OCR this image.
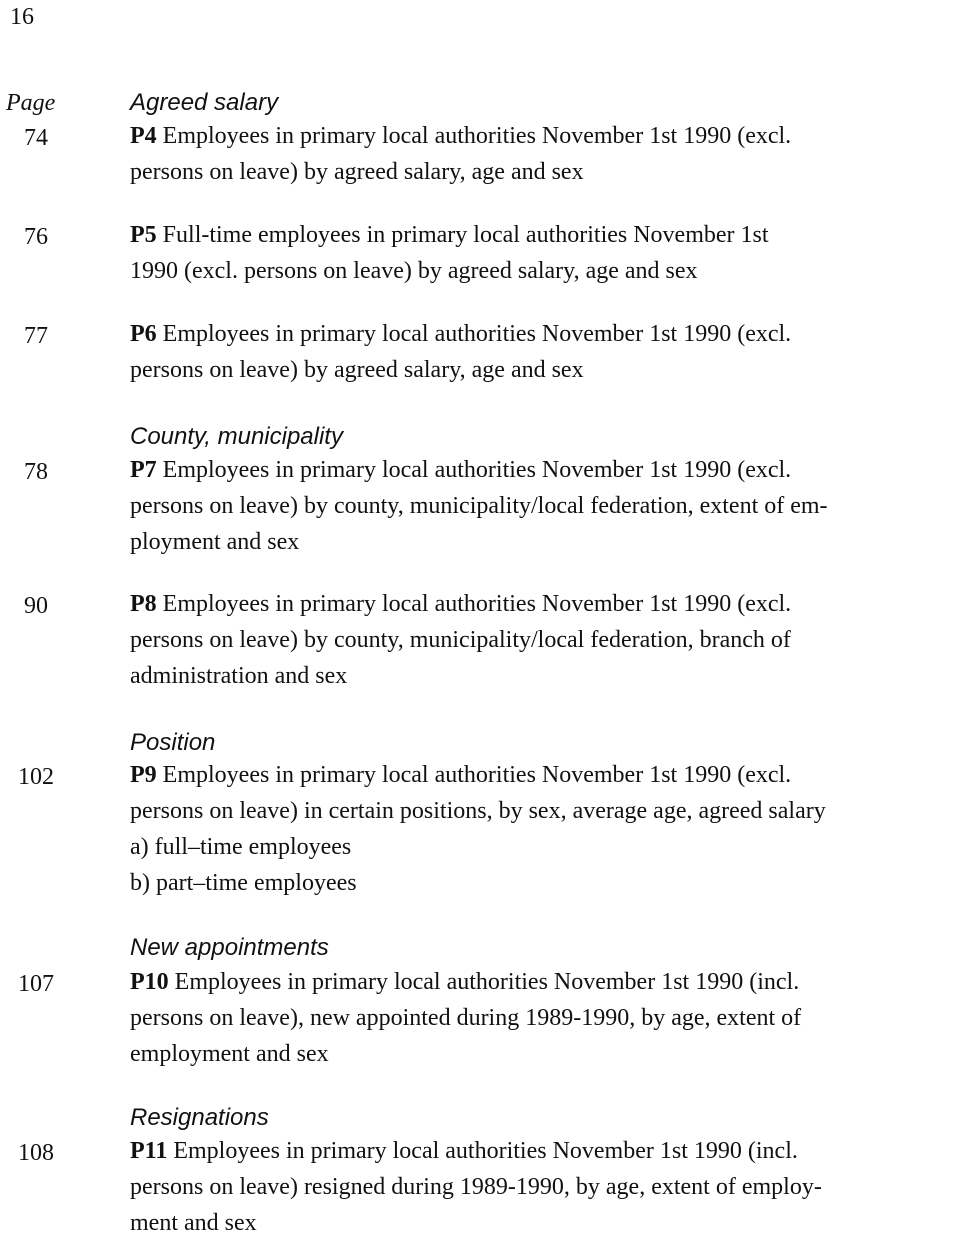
16
Page	Agreed salary
74	P4 Employees in primary local authorities November 1st 1990 (excl.
persons on leave) by agreed salary, age and sex
76	P5 Full-time employees in primary local authorities November 1st
1990 (excl. persons on leave) by agreed salary, age and sex
77	P6 Employees in primary local authorities November 1st 1990 (excl.
persons on leave) by agreed salary, age and sex
County, municipality
78	P7 Employees in primary local authorities November 1st 1990 (excl.
persons on leave) by county, municipality/local federation, extent of em-
ployment and sex
90	P8 Employees in primary local authorities November 1st 1990 (excl.
persons on leave) by county, municipality/local federation, branch of
administration and sex
Position
102	P9 Employees in primary local authorities November 1st 1990 (excl.
persons on leave) in certain positions, by sex, average age, agreed salary
a) full–time employees
b) part–time employees
New appointments
107	P10 Employees in primary local authorities November 1st 1990 (incl.
persons on leave), new appointed during 1989-1990, by age, extent of
employment and sex
Resignations
108	P11 Employees in primary local authorities November 1st 1990 (incl.
persons on leave) resigned during 1989-1990, by age, extent of employ-
ment and sex
